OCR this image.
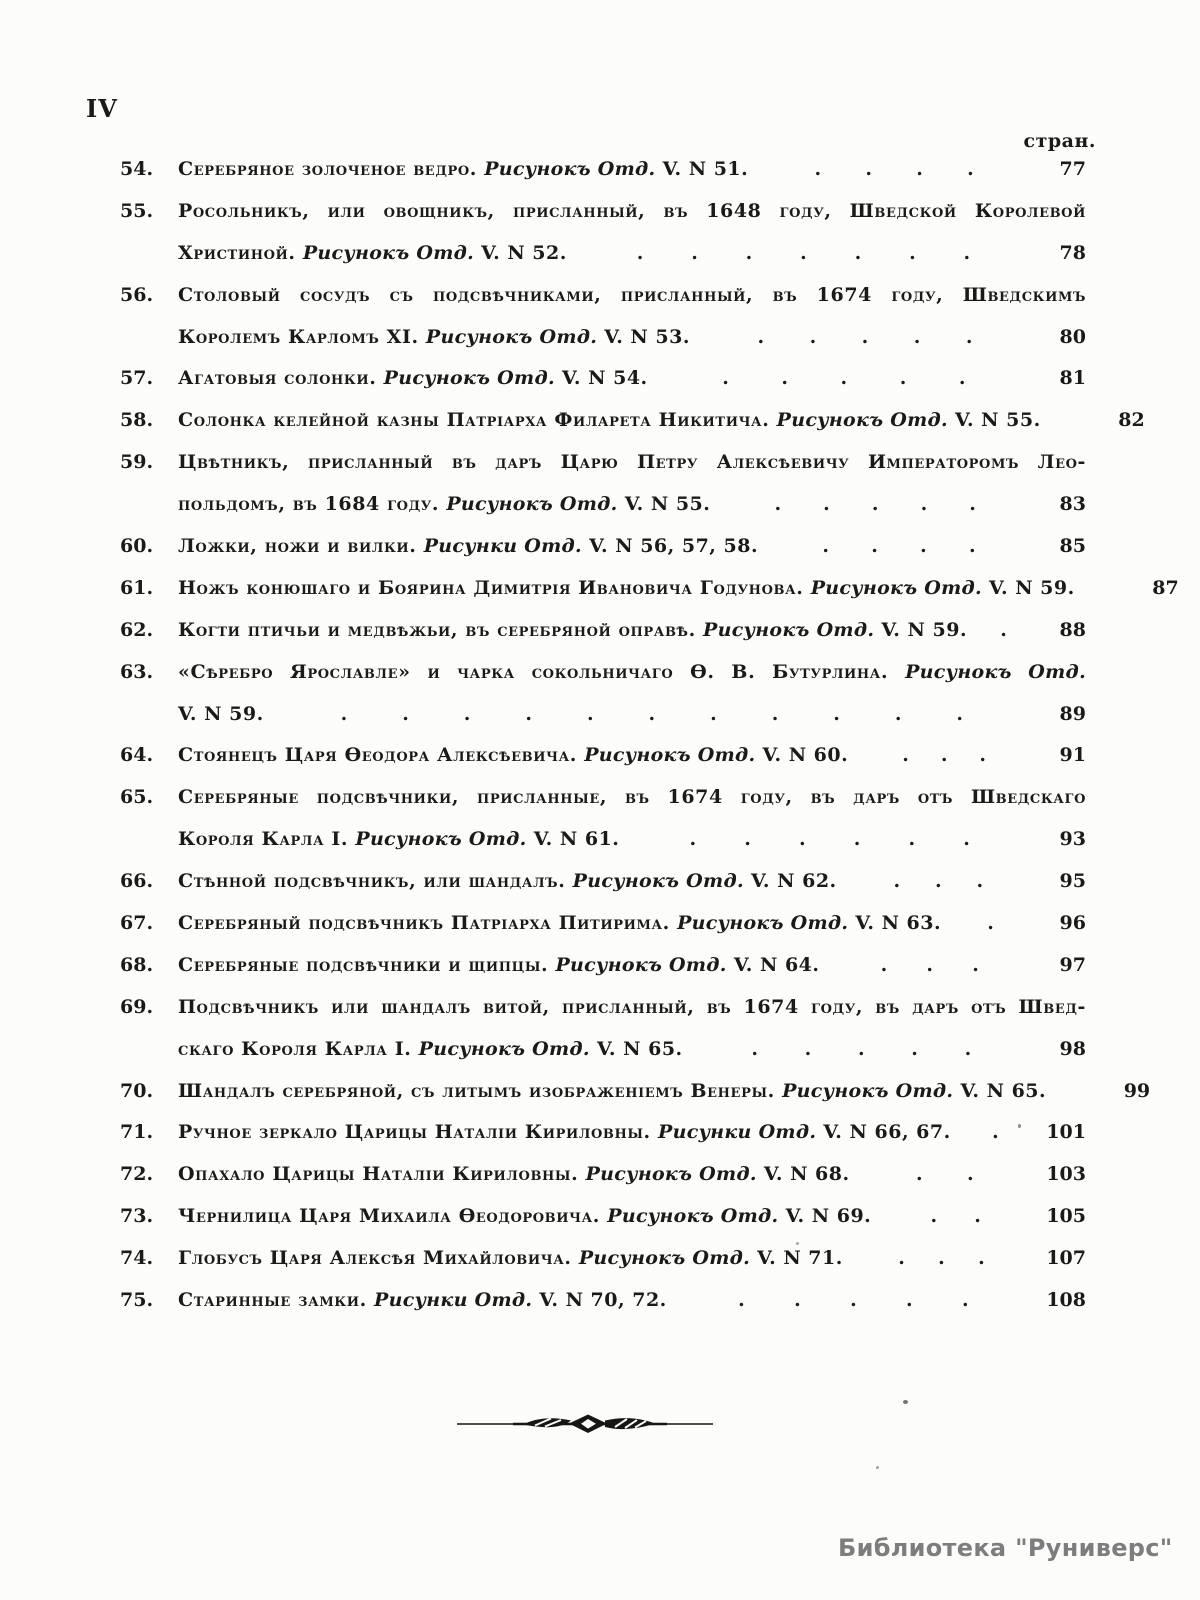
IV
стран.
54.	Серебряное золоченое ведро. Рисунокъ Отд. V. N 51.	. . . .	77
55.	Росольникъ, или овощникъ, присланный, въ 1648 году, Шведской Королевой
Христиной. Рисунокъ Отд. V. N 52.	.	.	.	.	.	.	.	78
56.	Столовый сосудъ съ подсвѣчниками, присланный, въ 1674 году, Шведскимъ
Королемъ Карломъ XI. Рисунокъ Отд. V. N 53.	. . . . .	80
57.	Агатовыя солонки. Рисунокъ Отд. V. N 54.	.	.	.	.	.	81
58.	Солонка келейной казны Патріарха Филарета Никитича. Рисунокъ Отд. V. N 55.	82
59.	Цвѣтникъ, присланный въ даръ Царю Петру Алексѣевичу Императоромъ Лео-
польдомъ, въ 1684 году. Рисунокъ Отд. V. N 55.	. . . . .	83
60.	Ложки, ножи и вилки. Рисунки Отд. V. N 56, 57, 58.	. . . .	85
61.	Ножъ конюшаго и Боярина Димитрія Ивановича Годунова. Рисунокъ Отд. V. N 59.	87
62.	Когти птичьи и медвѣжьи, въ серебряной оправѣ. Рисунокъ Отд. V. N 59. .	88
63.	«Сѣребро Ярославле» и чарка сокольничаго Ѳ. В. Бутурлина. Рисунокъ Отд.
V. N 59.	.	.	.	.	.	.	.	.	.	.	.	89
64.	Стоянецъ Царя Ѳеодора Алексѣевича. Рисунокъ Отд. V. N 60.	. . .	91
65.	Серебряные подсвѣчники, присланные, въ 1674 году, въ даръ отъ Шведскаго
Короля Карла I. Рисунокъ Отд. V. N 61.	.	.	.	.	.	.	93
66.	Стѣнной подсвѣчникъ, или шандалъ. Рисунокъ Отд. V. N 62.	. . .	95
67.	Серебряный подсвѣчникъ Патріарха Питирима. Рисунокъ Отд. V. N 63. .	96
68.	Серебряные подсвѣчники и щипцы. Рисунокъ Отд. V. N 64.	. . .	97
69.	Подсвѣчникъ или шандалъ витой, присланный, въ 1674 году, въ даръ отъ Швед-
скаго Короля Карла I. Рисунокъ Отд. V. N 65.	. . . . .	98
70.	Шандалъ серебряной, съ литымъ изображеніемъ Венеры. Рисунокъ Отд. V. N 65.	99
71.	Ручное зеркало Царицы Наталіи Кириловны. Рисунки Отд. V. N 66, 67. .	101
72.	Опахало Царицы Наталіи Кириловны. Рисунокъ Отд. V. N 68.	. .	103
73.	Чернилица Царя Михаила Ѳеодоровича. Рисунокъ Отд. V. N 69.	. .	105
74.	Глобусъ Царя Алексѣя Михайловича. Рисунокъ Отд. V. N 71.	. . .	107
75.	Старинные замки. Рисунки Отд. V. N 70, 72.	.	.	.	.	.	108
Библиотека "Руниверс"
